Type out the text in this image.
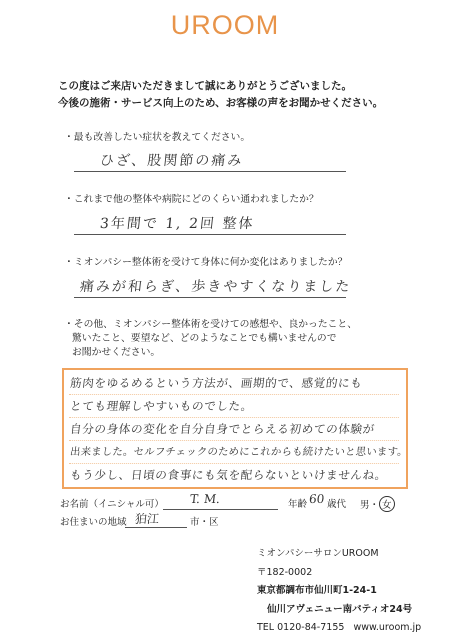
UROOM
この度はご来店いただきまして誠にありがとうございました。
今後の施術・サービス向上のため、お客様の声をお聞かせください。
・最も改善したい症状を教えてください。
ひざ、股関節の痛み
・これまで他の整体や病院にどのくらい通われましたか？
3年間で 1, 2回 整体
・ミオンパシー整体術を受けて身体に何か変化はありましたか？
痛みが和らぎ、歩きやすくなりました
・その他、ミオンパシー整体術を受けての感想や、良かったこと、
驚いたこと、要望など、どのようなことでも構いませんので
お聞かせください。
筋肉をゆるめるという方法が、画期的で、感覚的にも
とても理解しやすいものでした。
自分の身体の変化を自分自身でとらえる初めての体験が
出来ました。セルフチェックのためにこれからも続けたいと思います。
もう少し、日頃の食事にも気を配らないといけませんね。
お名前（イニシャル可） T. M.	年齢 60 歳代 男・ 女
お住まいの地域 狛江	市・区
ミオンパシーサロンUROOM
〒182-0002
東京都調布市仙川町1-24-1
仙川アヴェニュー南バティオ24号
TEL 0120-84-7155 www.uroom.jp
